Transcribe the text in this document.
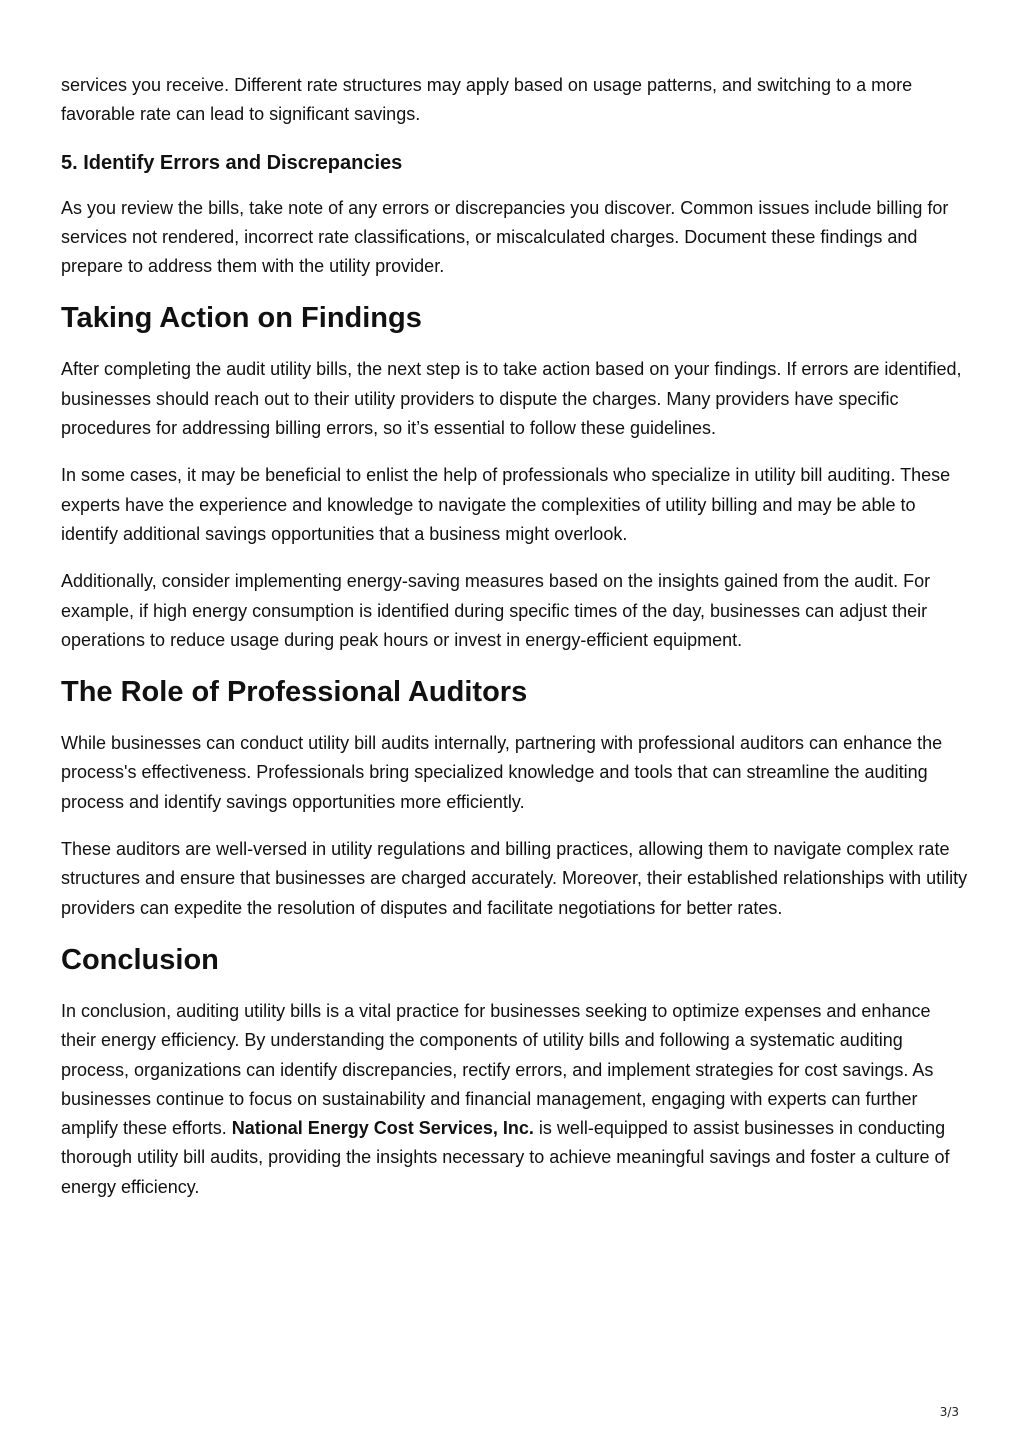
services you receive. Different rate structures may apply based on usage patterns, and switching to a more favorable rate can lead to significant savings.

5. Identify Errors and Discrepancies

As you review the bills, take note of any errors or discrepancies you discover. Common issues include billing for services not rendered, incorrect rate classifications, or miscalculated charges. Document these findings and prepare to address them with the utility provider.

Taking Action on Findings

After completing the audit utility bills, the next step is to take action based on your findings. If errors are identified, businesses should reach out to their utility providers to dispute the charges. Many providers have specific procedures for addressing billing errors, so it’s essential to follow these guidelines.

In some cases, it may be beneficial to enlist the help of professionals who specialize in utility bill auditing. These experts have the experience and knowledge to navigate the complexities of utility billing and may be able to identify additional savings opportunities that a business might overlook.

Additionally, consider implementing energy-saving measures based on the insights gained from the audit. For example, if high energy consumption is identified during specific times of the day, businesses can adjust their operations to reduce usage during peak hours or invest in energy-efficient equipment.

The Role of Professional Auditors

While businesses can conduct utility bill audits internally, partnering with professional auditors can enhance the process's effectiveness. Professionals bring specialized knowledge and tools that can streamline the auditing process and identify savings opportunities more efficiently.

These auditors are well-versed in utility regulations and billing practices, allowing them to navigate complex rate structures and ensure that businesses are charged accurately. Moreover, their established relationships with utility providers can expedite the resolution of disputes and facilitate negotiations for better rates.

Conclusion

In conclusion, auditing utility bills is a vital practice for businesses seeking to optimize expenses and enhance their energy efficiency. By understanding the components of utility bills and following a systematic auditing process, organizations can identify discrepancies, rectify errors, and implement strategies for cost savings. As businesses continue to focus on sustainability and financial management, engaging with experts can further amplify these efforts. National Energy Cost Services, Inc. is well-equipped to assist businesses in conducting thorough utility bill audits, providing the insights necessary to achieve meaningful savings and foster a culture of energy efficiency.

3/3
